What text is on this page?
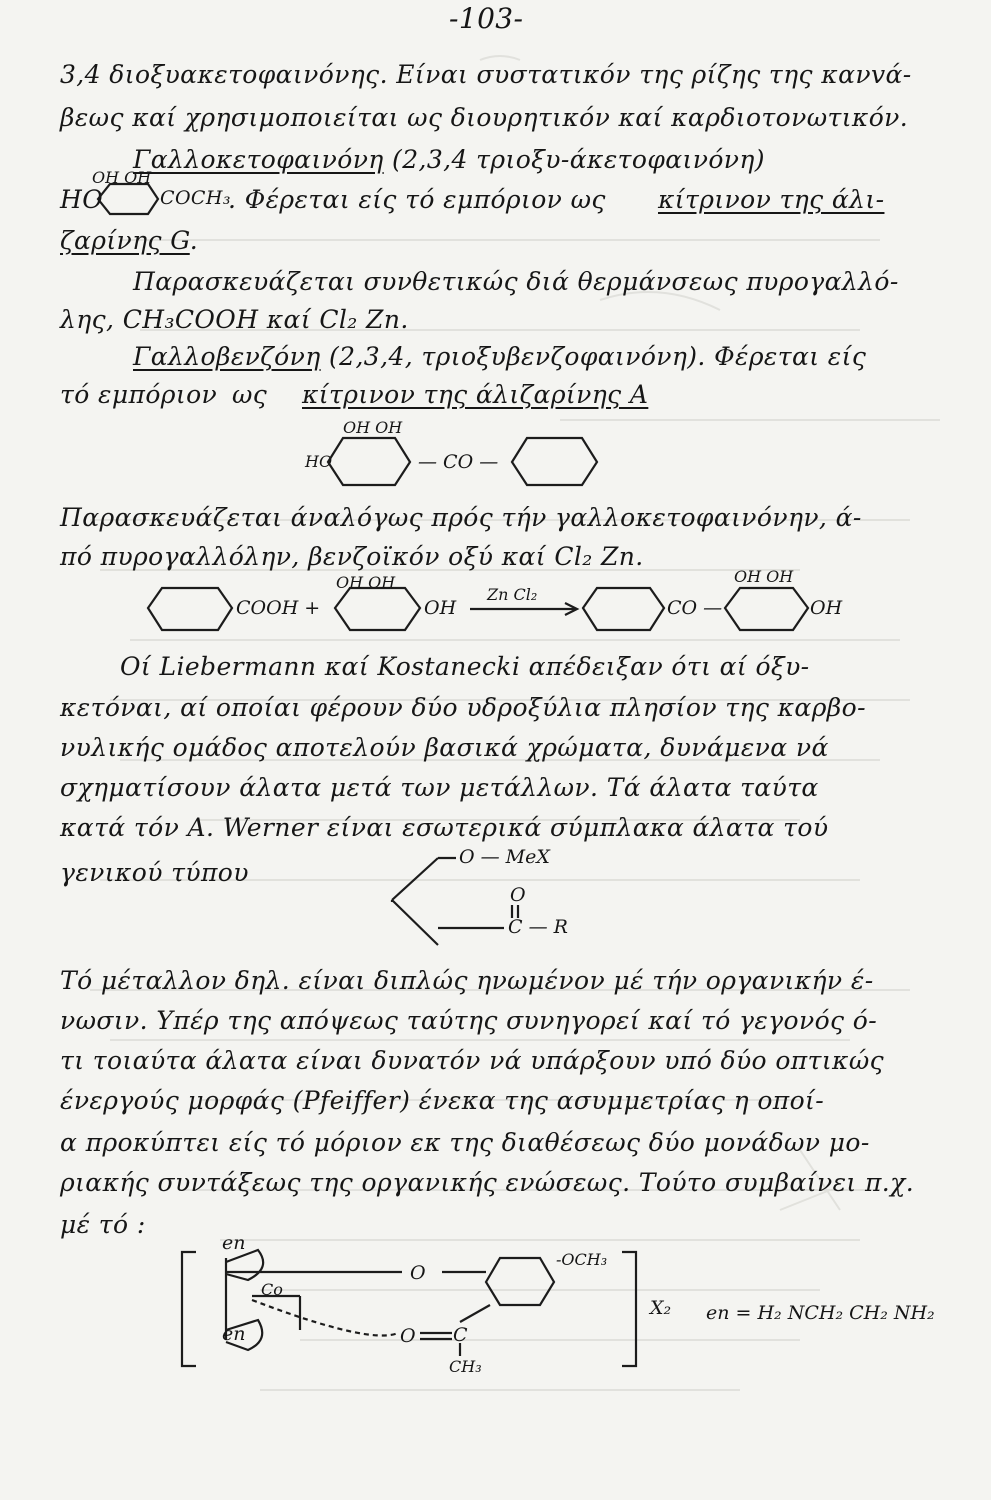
-103-
3,4 διοξυακετοφαινόνης. Είναι συστατικόν της ρίζης της κανvά-
βεως καί χρησιμοποιείται ως διουρητικόν καί καρδιοτονωτικόν.
Γαλλοκετοφαινόνη (2,3,4 τριοξυ-άκετοφαινόνη)
HO
OH OH
COCH₃
. Φέρεται είς τό εμπόριον ως κίτρινον της άλι-
ζαρίνης G.
Παρασκευάζεται συνθετικώς διά θερμάνσεως πυρογαλλό-
λης, CH₃COOH καί Cl₂ Zn.
Γαλλοβενζόνη (2,3,4, τριοξυβενζοφαινόνη). Φέρεται είς
τό εμπόριον ως κίτρινον της άλιζαρίνης A
OH OH
HO	— CO —
Παρασκευάζεται άναλόγως πρός τήν γαλλοκετοφαινόνην, ά-
πό πυρογαλλόλην, βενζοϊκόν οξύ καί Cl₂ Zn.
COOH +
OH OH
OH
Zn Cl₂
CO —
OH OH
OH
Οί Liebermann καί Kostanecki απέδειξαν ότι αί όξυ-
κετόναι, αί οποίαι φέρουν δύο υδροξύλια πλησίον της καρβο-
νυλικής ομάδος αποτελούν βασικά χρώματα, δυνάμενα νά
σχηματίσουν άλατα μετά των μετάλλων. Τά άλατα ταύτα
κατά τόν A. Werner είναι εσωτερικά σύμπλακα άλατα τού
γενικού τύπου
O — MeX
O
C — R
Τό μέταλλον δηλ. είναι διπλώς ηνωμένον μέ τήν οργανικήν έ-
νωσιν. Υπέρ της απόψεως ταύτης συνηγορεί καί τό γεγονός ό-
τι τοιαύτα άλατα είναι δυνατόν νά υπάρξουν υπό δύο οπτικώς
ένεργούς μορφάς (Pfeiffer) ένεκα της ασυμμετρίας η οποί-
α προκύπτει είς τό μόριον εκ της διαθέσεως δύο μονάδων μο-
ριακής συντάξεως της οργανικής ενώσεως. Τούτο συμβαίνει π.χ.
μέ τό :
en
en
Co
O
-OCH₃
O C
CH₃
X₂ en = H₂ NCH₂ CH₂ NH₂
